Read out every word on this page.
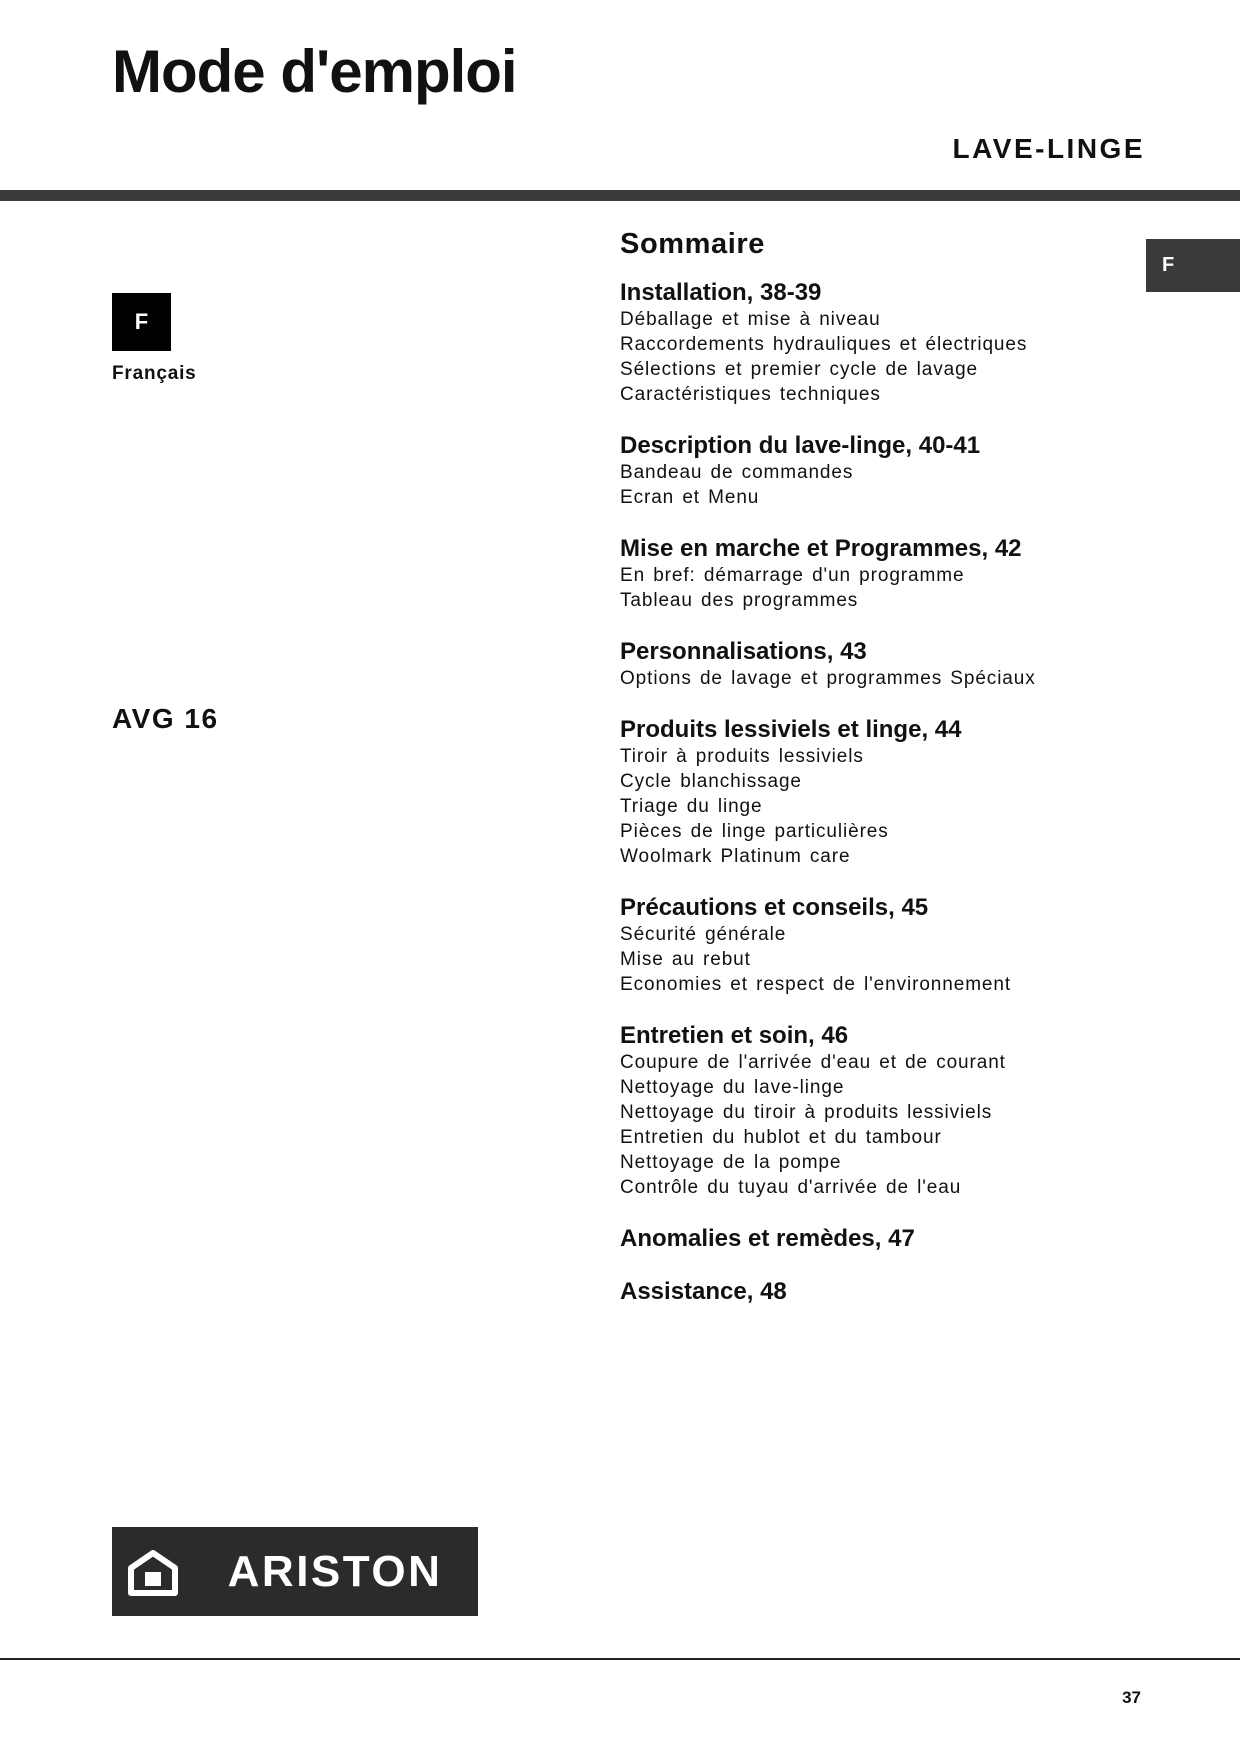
Mode d'emploi
LAVE-LINGE
F
F
Français
AVG 16
Sommaire
Installation, 38-39
Déballage et mise à niveau
Raccordements hydrauliques et électriques
Sélections et premier cycle de lavage
Caractéristiques techniques
Description du lave-linge, 40-41
Bandeau de commandes
Ecran et Menu
Mise en marche et Programmes, 42
En bref: démarrage d'un programme
Tableau des programmes
Personnalisations, 43
Options de lavage et programmes Spéciaux
Produits lessiviels et linge, 44
Tiroir à produits lessiviels
Cycle blanchissage
Triage du linge
Pièces de linge particulières
Woolmark Platinum care
Précautions et conseils, 45
Sécurité générale
Mise au rebut
Economies et respect de l'environnement
Entretien et soin, 46
Coupure de l'arrivée d'eau et de courant
Nettoyage du lave-linge
Nettoyage du tiroir à produits lessiviels
Entretien du hublot et du tambour
Nettoyage de la pompe
Contrôle du tuyau d'arrivée de l'eau
Anomalies et remèdes, 47
Assistance, 48
ARISTON
37
